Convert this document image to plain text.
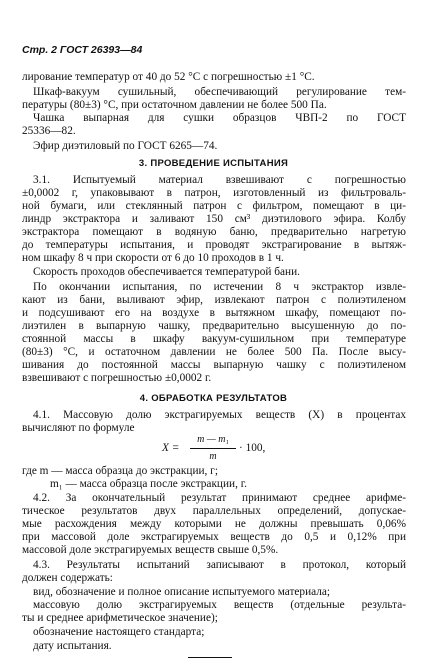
Стр. 2 ГОСТ 26393—84
лирование температур от 40 до 52 °С с погрешностью ±1 °С.
Шкаф-вакуум сушильный, обеспечивающий регулирование тем-
пературы (80±3) °С, при остаточном давлении не более 500 Па.
Чашка выпарная для сушки образцов ЧВП-2 по ГОСТ
25336—82.
Эфир диэтиловый по ГОСТ 6265—74.
3. ПРОВЕДЕНИЕ ИСПЫТАНИЯ
3.1. Испытуемый материал взвешивают с погрешностью
±0,0002 г, упаковывают в патрон, изготовленный из фильтроваль-
ной бумаги, или стеклянный патрон с фильтром, помещают в ци-
линдр экстрактора и заливают 150 см³ диэтилового эфира. Колбу
экстрактора помещают в водяную баню, предварительно нагретую
до температуры испытания, и проводят экстрагирование в вытяж-
ном шкафу 8 ч при скорости от 6 до 10 проходов в 1 ч.
Скорость проходов обеспечивается температурой бани.
По окончании испытания, по истечении 8 ч экстрактор извле-
кают из бани, выливают эфир, извлекают патрон с полиэтиленом
и подсушивают его на воздухе в вытяжном шкафу, помещают по-
лиэтилен в выпарную чашку, предварительно высушенную до по-
стоянной массы в шкафу вакуум-сушильном при температуре
(80±3) °С, и остаточном давлении не более 500 Па. После высу-
шивания до постоянной массы выпарную чашку с полиэтиленом
взвешивают с погрешностью ±0,0002 г.
4. ОБРАБОТКА РЕЗУЛЬТАТОВ
4.1. Массовую долю экстрагируемых веществ (X) в процентах
вычисляют по формуле
X =
m — m₁
m
· 100,
где m — масса образца до экстракции, г;
m₁ — масса образца после экстракции, г.
4.2. За окончательный результат принимают среднее арифме-
тическое результатов двух параллельных определений, допускае-
мые расхождения между которыми не должны превышать 0,06%
при массовой доле экстрагируемых веществ до 0,5 и 0,12% при
массовой доле экстрагируемых веществ свыше 0,5%.
4.3. Результаты испытаний записывают в протокол, который
должен содержать:
вид, обозначение и полное описание испытуемого материала;
массовую долю экстрагируемых веществ (отдельные результа-
ты и среднее арифметическое значение);
обозначение настоящего стандарта;
дату испытания.
